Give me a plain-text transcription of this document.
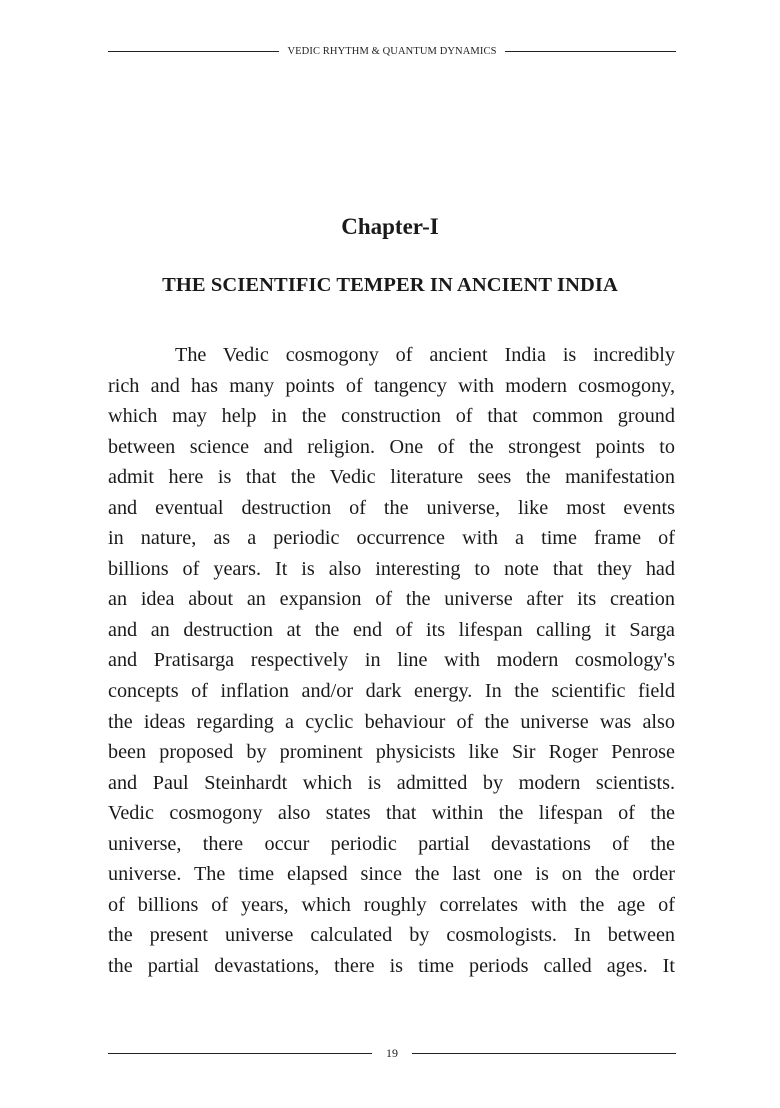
VEDIC RHYTHM & QUANTUM DYNAMICS
Chapter-I
THE SCIENTIFIC TEMPER IN ANCIENT INDIA
The Vedic cosmogony of ancient India is incredibly
rich and has many points of tangency with modern cosmogony,
which may help in the construction of that common ground
between science and religion. One of the strongest points to
admit here is that the Vedic literature sees the manifestation
and eventual destruction of the universe, like most events
in nature, as a periodic occurrence with a time frame of
billions of years. It is also interesting to note that they had
an idea about an expansion of the universe after its creation
and an destruction at the end of its lifespan calling it Sarga
and Pratisarga respectively in line with modern cosmology's
concepts of inflation and/or dark energy. In the scientific field
the ideas regarding a cyclic behaviour of the universe was also
been proposed by prominent physicists like Sir Roger Penrose
and Paul Steinhardt which is admitted by modern scientists.
Vedic cosmogony also states that within the lifespan of the
universe, there occur periodic partial devastations of the
universe. The time elapsed since the last one is on the order
of billions of years, which roughly correlates with the age of
the present universe calculated by cosmologists. In between
the partial devastations, there is time periods called ages. It
19
